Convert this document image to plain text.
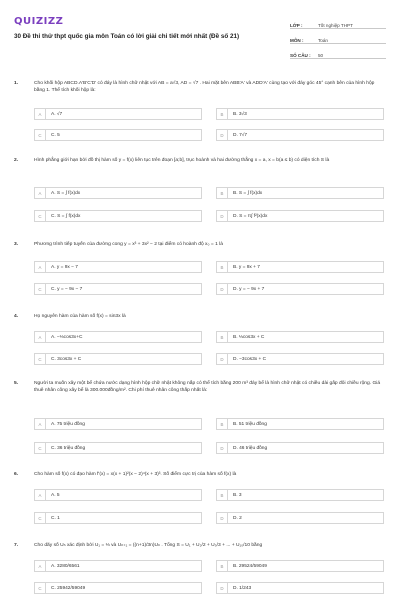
QUIZIZZ
30 Đề thi thử thpt quốc gia môn Toán có lời giải chi tiết mới nhất (Đề số 21)
LỚP :	Tốt nghiệp THPT
MÔN :	Toán
SỐ CÂU :	50
1.	Cho khối hộp ABCD.A'B'C'D' có đáy là hình chữ nhật với AB = a√3, AD = √7 . Hai mặt bên ABB'A' và ADD'A' cùng tạo với đáy góc 45° cạnh bên của hình hộp bằng 1. Thể tích khối hộp là:
A	A. √7	B	B. 3√3
C	C. 5	D	D. 7√7
2.	Hình phẳng giới hạn bởi đồ thị hàm số y = f(x) liên tục trên đoạn [a;b], trục hoành và hai đường thẳng x = a, x = b(a ≤ b) có diện tích S là
A	A. S = ∫ f(x)dx	B	B. S = ∫ f(x)dx
C	C. S = ∫ f(x)dx	D	D. S = π∫ f²(x)dx
3.	Phương trình tiếp tuyến của đường cong y = x³ + 3x² − 2 tại điểm có hoành độ x₀ = 1 là
A	A. y = 9x − 7	B	B. y = 9x + 7
C	C. y = − 9x − 7	D	D. y = − 9x + 7
4.	Họ nguyên hàm của hàm số f(x) = sin3x là
A	A. −⅓cos3x+C	B	B. ⅓cos3x + C
C	C. 3cos3x + C	D	D. −3cos3x + C
5.	Người ta muốn xây một bể chứa nước dạng hình hộp chữ nhật không nắp có thể tích bằng 200 m³ đáy bể là hình chữ nhật có chiều dài gấp đôi chiều rộng. Giá thuê nhân công xây bể là 300.000đồng/m². Chi phí thuê nhân công thấp nhất là:
A	A. 75 triệu đồng	B	B. 51 triệu đồng
C	C. 36 triệu đồng	D	D. 46 triệu đồng
6.	Cho hàm số f(x) có đạo hàm f'(x) = x(x + 1)²(x − 2)⁴(x + 3)³. Số điểm cực trị của hàm số f(x) là
A	A. 5	B	B. 3
C	C. 1	D	D. 2
7.	Cho dãy số Uₙ xác định bởi U₁ = ⅓ và Uₙ₊₁ = ((n+1)/3n)Uₙ . Tổng S = U₁ + U₂/2 + U₃/3 + ... + U₁₀/10 bằng
A	A. 3280/6561	B	B. 29524/59049
C	C. 25942/59049	D	D. 1/243
